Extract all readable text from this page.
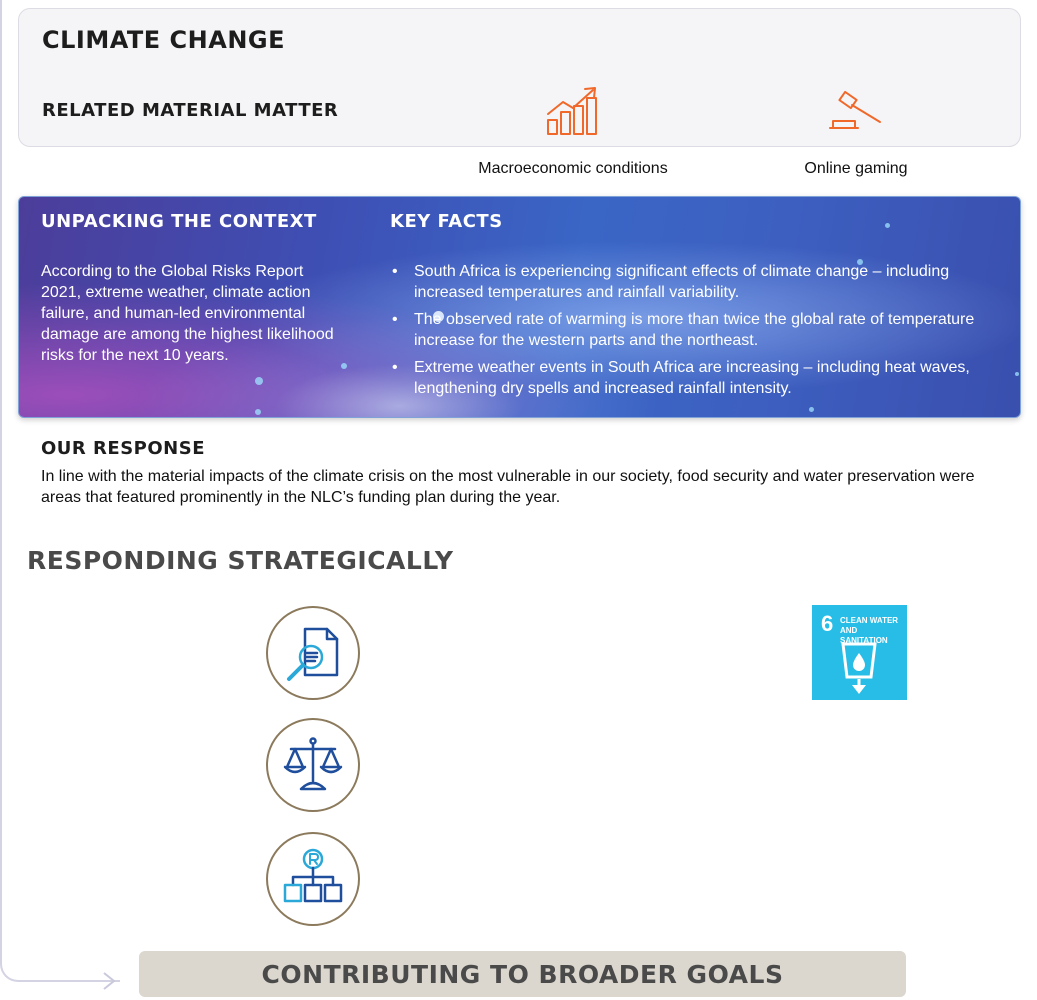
CLIMATE CHANGE
RELATED MATERIAL MATTER
Macroeconomic conditions	Online gaming
UNPACKING THE CONTEXT
According to the Global Risks Report 2021, extreme weather, climate action failure, and human-led environmental damage are among the highest likelihood risks for the next 10 years.
KEY FACTS
• South Africa is experiencing significant effects of climate change – including increased temperatures and rainfall variability.
• The observed rate of warming is more than twice the global rate of temperature increase for the western parts and the northeast.
• Extreme weather events in South Africa are increasing – including heat waves, lengthening dry spells and increased rainfall intensity.
OUR RESPONSE
In line with the material impacts of the climate crisis on the most vulnerable in our society, food security and water preservation were areas that featured prominently in the NLC’s funding plan during the year.
RESPONDING STRATEGICALLY
6 CLEAN WATER AND SANITATION
CONTRIBUTING TO BROADER GOALS
